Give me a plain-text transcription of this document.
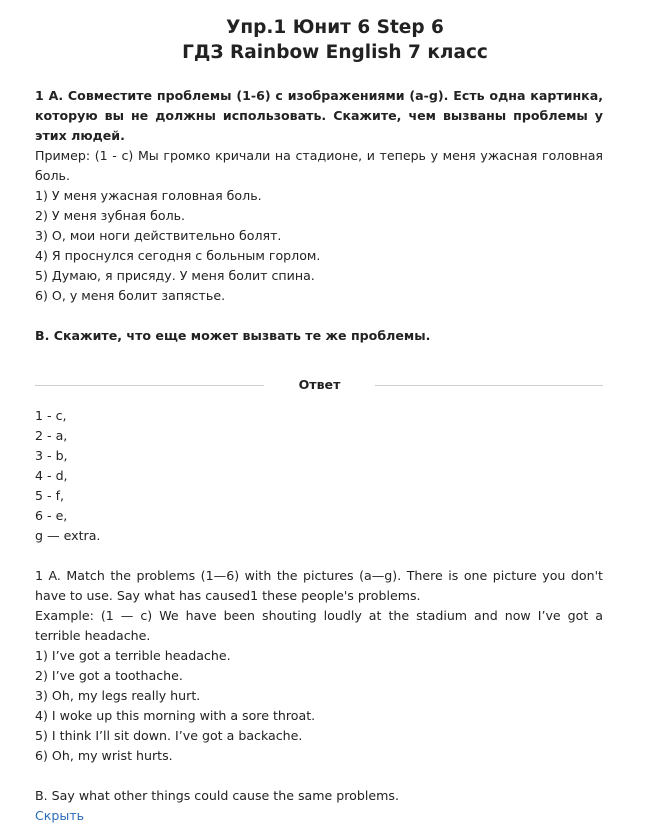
Упр.1 Юнит 6 Step 6
ГДЗ Rainbow English 7 класс
1 А. Совместите проблемы (1-6) с изображениями (a-g). Есть одна картинка, которую вы не должны использовать. Скажите, чем вызваны проблемы у этих людей.
Пример: (1 - с) Мы громко кричали на стадионе, и теперь у меня ужасная головная боль.
1) У меня ужасная головная боль.
2) У меня зубная боль.
3) О, мои ноги действительно болят.
4) Я проснулся сегодня с больным горлом.
5) Думаю, я присяду. У меня болит спина.
6) О, у меня болит запястье.
В. Скажите, что еще может вызвать те же проблемы.
Ответ
1 - c,
2 - a,
3 - b,
4 - d,
5 - f,
6 - e,
g — extra.
1 A. Match the problems (1—6) with the pictures (a—g). There is one picture you don't have to use. Say what has caused1 these people's problems.
Example: (1 — c) We have been shouting loudly at the stadium and now I’ve got a terrible headache.
1) I’ve got a terrible headache.
2) I’ve got a toothache.
3) Oh, my legs really hurt.
4) I woke up this morning with a sore throat.
5) I think I’ll sit down. I’ve got a backache.
6) Oh, my wrist hurts.
B. Say what other things could cause the same problems.
Скрыть
